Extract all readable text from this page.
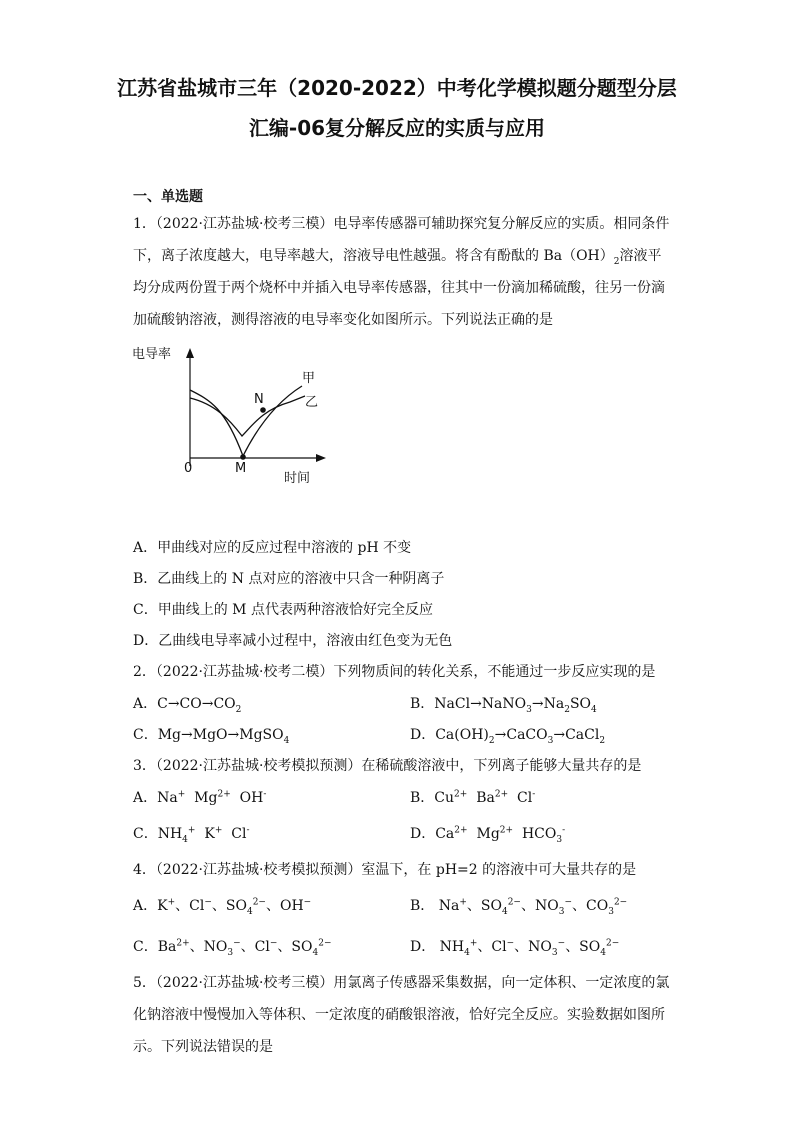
江苏省盐城市三年（2020-2022）中考化学模拟题分题型分层
汇编-06复分解反应的实质与应用
一、单选题
1．（2022·江苏盐城·校考三模）电导率传感器可辅助探究复分解反应的实质。相同条件
下，离子浓度越大，电导率越大，溶液导电性越强。将含有酚酞的 $Ba(OH)_2$溶液平
均分成两份置于两个烧杯中并插入电导率传感器，往其中一份滴加稀硫酸，往另一份滴
加硫酸钠溶液，测得溶液的电导率变化如图所示。下列说法正确的是
电导率
0	M
时间
N
甲
乙
A．甲曲线对应的反应过程中溶液的 pH 不变
B．乙曲线上的 N 点对应的溶液中只含一种阴离子
C．甲曲线上的 M 点代表两种溶液恰好完全反应
D．乙曲线电导率减小过程中，溶液由红色变为无色
2．（2022·江苏盐城·校考二模）下列物质间的转化关系，不能通过一步反应实现的是
A．$C\to CO\to CO_2$	B．$NaCl\to NaNO_3\to Na_2SO_4$
C．Mg→MgO→MgSO$_4$	D．$Ca(OH)_2\to CaCO_3\to CaCl_2$
3．（2022·江苏盐城·校考模拟预测）在稀硫酸溶液中，下列离子能够大量共存的是
A．Na+  $Mg^{2+}$  OH-	B．$Cu^{2+}$  $Ba^{2+}$  Cl-
C．$NH_4^+$  K+  Cl-	D．$Ca^{2+}$  $Mg^{2+}$  $HCO_3^-$
4．（2022·江苏盐城·校考模拟预测）室温下，在 pH=2 的溶液中可大量共存的是
A．K+、Cl−、$SO_4^{2-}$、OH−	B． Na+、$SO_4^{2-}$、$NO_3^-$、$CO_3^{2-}$
C．$Ba^{2+}$、$NO_3^-$、Cl−、$SO_4^{2-}$	D． $NH_4^+$、Cl−、$NO_3^-$、$SO_4^{2-}$
5．（2022·江苏盐城·校考三模）用氯离子传感器采集数据，向一定体积、一定浓度的氯
化钠溶液中慢慢加入等体积、一定浓度的硝酸银溶液，恰好完全反应。实验数据如图所
示。下列说法错误的是
